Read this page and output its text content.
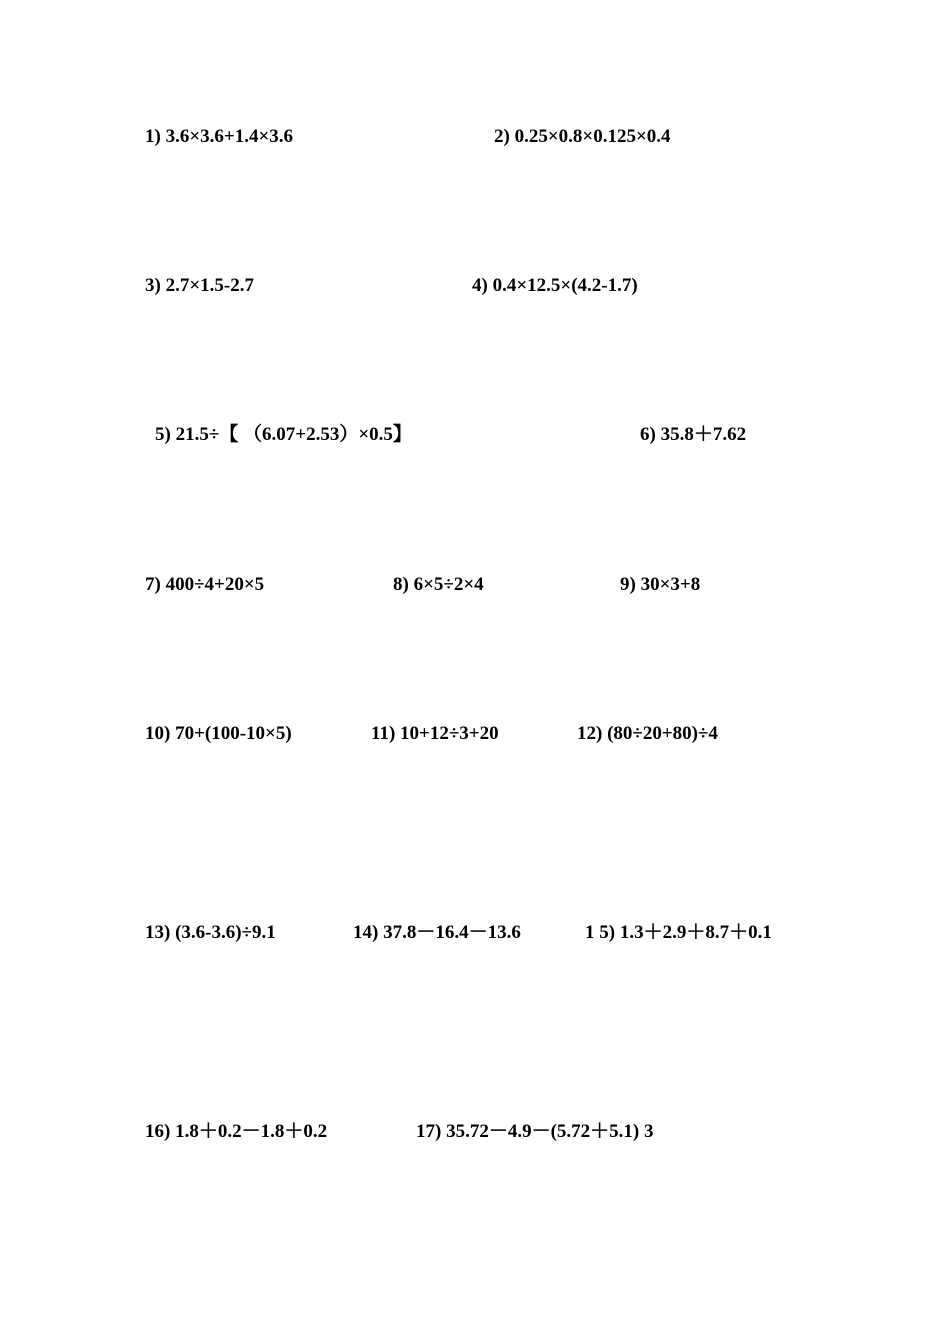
1) 3.6×3.6+1.4×3.6	2) 0.25×0.8×0.125×0.4
3) 2.7×1.5-2.7	4) 0.4×12.5×(4.2-1.7)
5) 21.5÷【 （6.07+2.53）×0.5】	6) 35.8＋7.62
7) 400÷4+20×5	8) 6×5÷2×4	9) 30×3+8
10) 70+(100-10×5)	11) 10+12÷3+20	12) (80÷20+80)÷4
13) (3.6-3.6)÷9.1	14) 37.8－16.4－13.6	1 5) 1.3＋2.9＋8.7＋0.1
16) 1.8＋0.2－1.8＋0.2	17) 35.72－4.9－(5.72＋5.1) 3
